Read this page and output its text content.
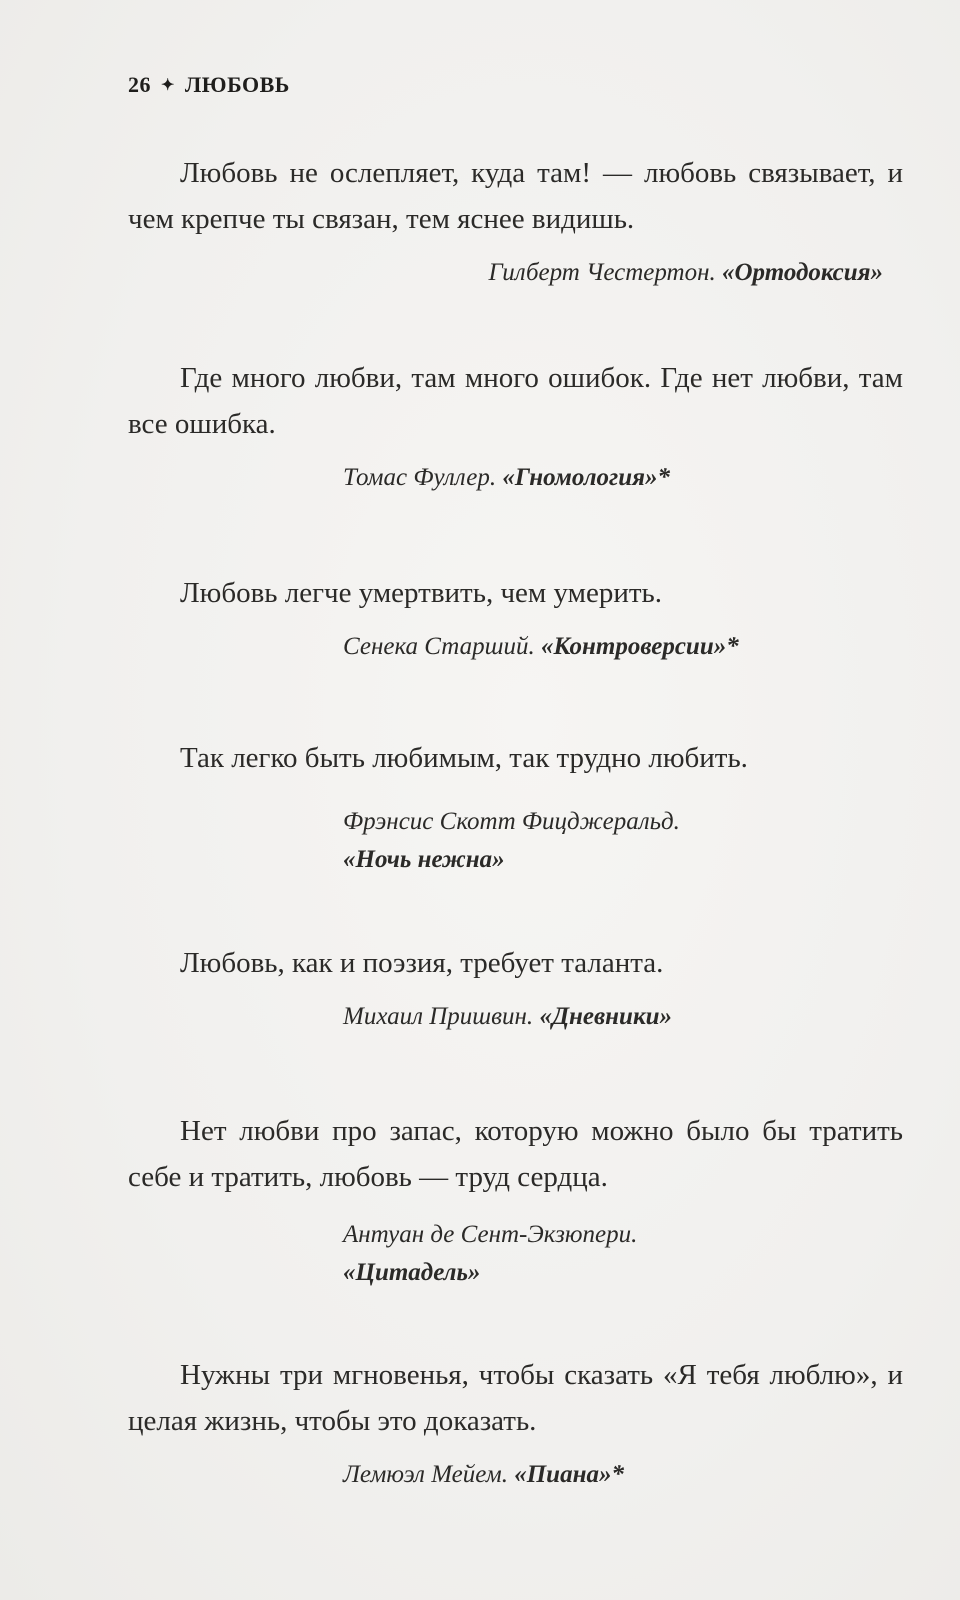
26 ✦ ЛЮБОВЬ
Любовь не ослепляет, куда там! — любовь связывает, и чем крепче ты связан, тем яснее видишь.
Гилберт Честертон. «Ортодоксия»
Где много любви, там много ошибок. Где нет любви, там все ошибка.
Томас Фуллер. «Гномология»*
Любовь легче умертвить, чем умерить.
Сенека Старший. «Контроверсии»*
Так легко быть любимым, так трудно любить.
Фрэнсис Скотт Фицджеральд.
«Ночь нежна»
Любовь, как и поэзия, требует таланта.
Михаил Пришвин. «Дневники»
Нет любви про запас, которую можно было бы тратить себе и тратить, любовь — труд сердца.
Антуан де Сент-Экзюпери.
«Цитадель»
Нужны три мгновенья, чтобы сказать «Я тебя люблю», и целая жизнь, чтобы это доказать.
Лемюэл Мейем. «Пиана»*
